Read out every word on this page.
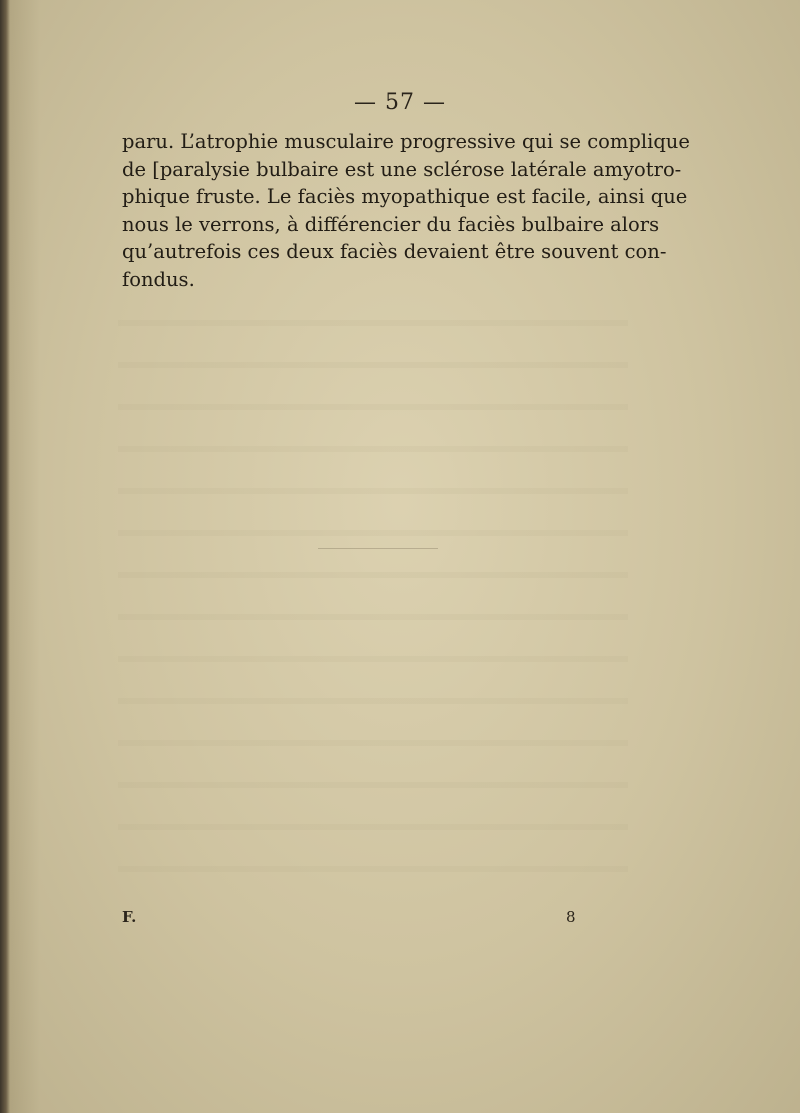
— 57 —
paru. L’atrophie musculaire progressive qui se complique
de [paralysie bulbaire est une sclérose latérale amyotro-
phique fruste. Le faciès myopathique est facile, ainsi que
nous le verrons, à différencier du faciès bulbaire alors
qu’autrefois ces deux faciès devaient être souvent con-
fondus.
F.	8
